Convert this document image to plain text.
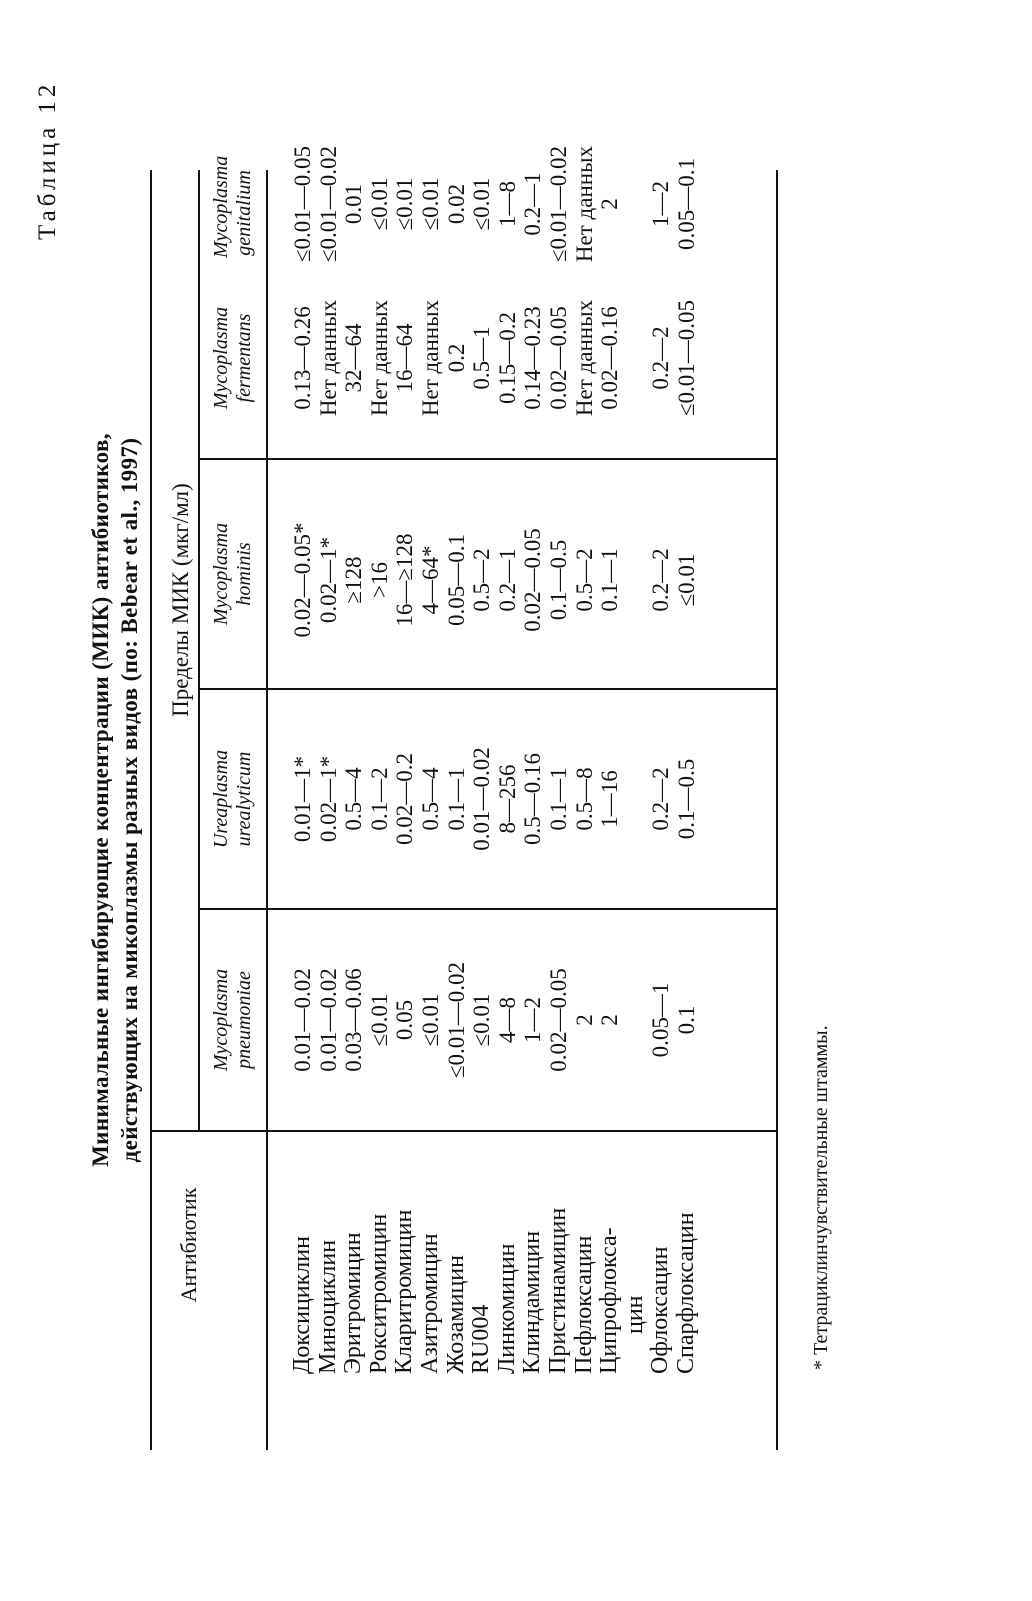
Таблица 12
Минимальные ингибирующие концентрации (МИК) антибиотиков, действующих на микоплазмы разных видов (по: Bebear et al., 1997)
Антибиотик
Пределы МИК (мкг/мл)
Mycoplasma pneumoniae
Ureaplasma urealyticum
Mycoplasma hominis
Mycoplasma fermentans
Mycoplasma genitalium
Доксициклин Миноциклин Эритромицин Рокситромицин Кларитромицин Азитромицин Жозамицин RU004 Линкомицин Клиндамицин Пристинамицин Пефлоксацин Ципрофлокса- цин Офлоксацин Спарфлоксацин
0.01—0.02 0.01—0.02 0.03—0.06 ≤0.01 0.05 ≤0.01 ≤0.01—0.02 ≤0.01 4—8 1—2 0.02—0.05 2 2 0.05—1 0.1
0.01—1* 0.02—1* 0.5—4 0.1—2 0.02—0.2 0.5—4 0.1—1 0.01—0.02 8—256 0.5—0.16 0.1—1 0.5—8 1—16 0.2—2 0.1—0.5
0.02—0.05* 0.02—1* ≥128 >16 16—≥128 4—64* 0.05—0.1 0.5—2 0.2—1 0.02—0.05 0.1—0.5 0.5—2 0.1—1 0.2—2 ≤0.01
0.13—0.26 Нет данных 32—64 Нет данных 16—64 Нет данных 0.2 0.5—1 0.15—0.2 0.14—0.23 0.02—0.05 Нет данных 0.02—0.16 0.2—2 ≤0.01—0.05
≤0.01—0.05 ≤0.01—0.02 0.01 ≤0.01 ≤0.01 ≤0.01 0.02 ≤0.01 1—8 0.2—1 ≤0.01—0.02 Нет данных 2 1—2 0.05—0.1
* Тетрациклинчувствительные штаммы.
